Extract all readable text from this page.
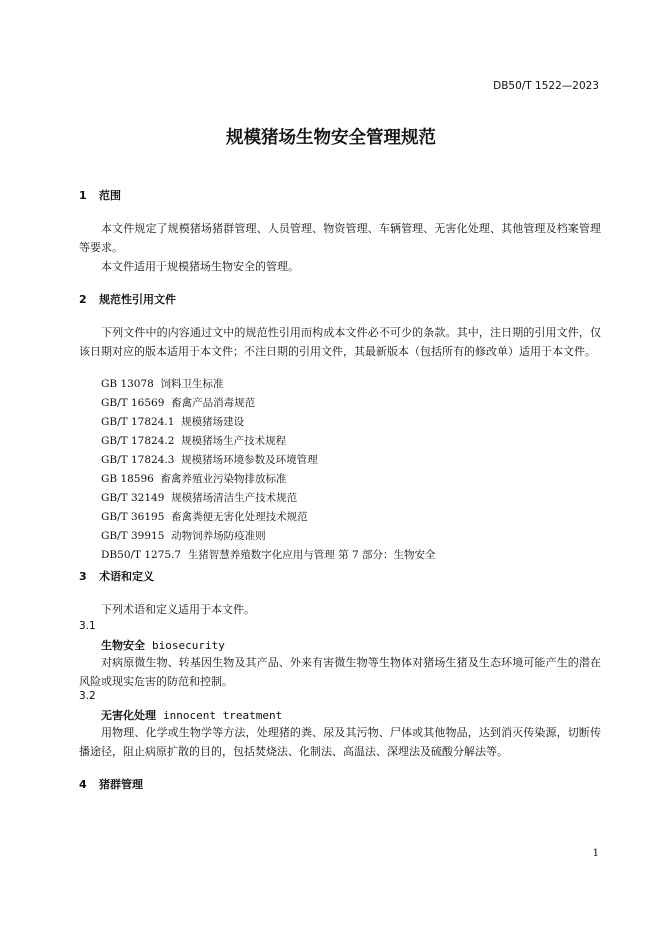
DB50/T 1522—2023
规模猪场生物安全管理规范
1 范围
本文件规定了规模猪场猪群管理、人员管理、物资管理、车辆管理、无害化处理、其他管理及档案管理等要求。
本文件适用于规模猪场生物安全的管理。
2 规范性引用文件
下列文件中的内容通过文中的规范性引用而构成本文件必不可少的条款。其中，注日期的引用文件，仅该日期对应的版本适用于本文件；不注日期的引用文件，其最新版本（包括所有的修改单）适用于本文件。
GB 13078 饲料卫生标准
GB/T 16569 畜禽产品消毒规范
GB/T 17824.1 规模猪场建设
GB/T 17824.2 规模猪场生产技术规程
GB/T 17824.3 规模猪场环境参数及环境管理
GB 18596 畜禽养殖业污染物排放标准
GB/T 32149 规模猪场清洁生产技术规范
GB/T 36195 畜禽粪便无害化处理技术规范
GB/T 39915 动物饲养场防疫准则
DB50/T 1275.7 生猪智慧养殖数字化应用与管理 第 7 部分：生物安全
3 术语和定义
下列术语和定义适用于本文件。
3.1
生物安全 biosecurity
对病原微生物、转基因生物及其产品、外来有害微生物等生物体对猪场生猪及生态环境可能产生的潜在风险或现实危害的防范和控制。
3.2
无害化处理 innocent treatment
用物理、化学或生物学等方法，处理猪的粪、尿及其污物、尸体或其他物品，达到消灭传染源，切断传播途径，阻止病原扩散的目的，包括焚烧法、化制法、高温法、深埋法及硫酸分解法等。
4 猪群管理
1
